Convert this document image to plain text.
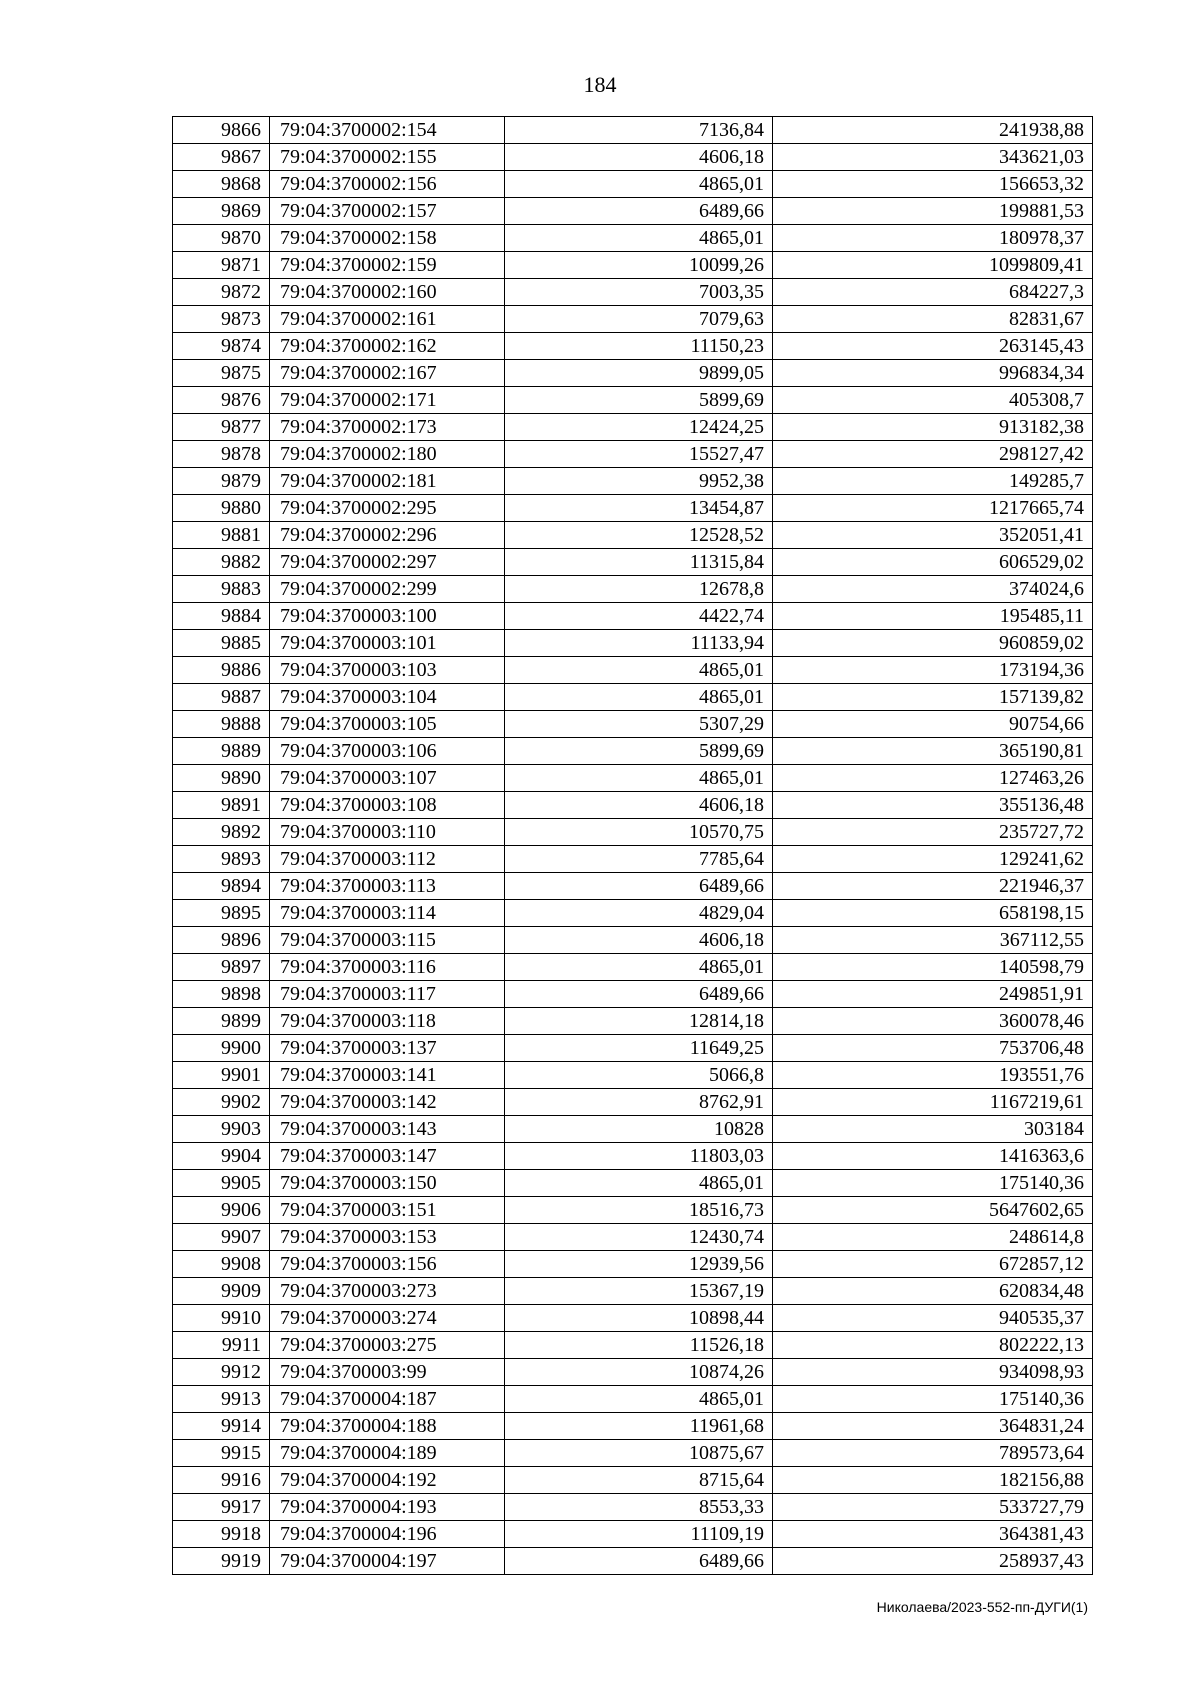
184
9866	79:04:3700002:154	7136,84	241938,88
9867	79:04:3700002:155	4606,18	343621,03
9868	79:04:3700002:156	4865,01	156653,32
9869	79:04:3700002:157	6489,66	199881,53
9870	79:04:3700002:158	4865,01	180978,37
9871	79:04:3700002:159	10099,26	1099809,41
9872	79:04:3700002:160	7003,35	684227,3
9873	79:04:3700002:161	7079,63	82831,67
9874	79:04:3700002:162	11150,23	263145,43
9875	79:04:3700002:167	9899,05	996834,34
9876	79:04:3700002:171	5899,69	405308,7
9877	79:04:3700002:173	12424,25	913182,38
9878	79:04:3700002:180	15527,47	298127,42
9879	79:04:3700002:181	9952,38	149285,7
9880	79:04:3700002:295	13454,87	1217665,74
9881	79:04:3700002:296	12528,52	352051,41
9882	79:04:3700002:297	11315,84	606529,02
9883	79:04:3700002:299	12678,8	374024,6
9884	79:04:3700003:100	4422,74	195485,11
9885	79:04:3700003:101	11133,94	960859,02
9886	79:04:3700003:103	4865,01	173194,36
9887	79:04:3700003:104	4865,01	157139,82
9888	79:04:3700003:105	5307,29	90754,66
9889	79:04:3700003:106	5899,69	365190,81
9890	79:04:3700003:107	4865,01	127463,26
9891	79:04:3700003:108	4606,18	355136,48
9892	79:04:3700003:110	10570,75	235727,72
9893	79:04:3700003:112	7785,64	129241,62
9894	79:04:3700003:113	6489,66	221946,37
9895	79:04:3700003:114	4829,04	658198,15
9896	79:04:3700003:115	4606,18	367112,55
9897	79:04:3700003:116	4865,01	140598,79
9898	79:04:3700003:117	6489,66	249851,91
9899	79:04:3700003:118	12814,18	360078,46
9900	79:04:3700003:137	11649,25	753706,48
9901	79:04:3700003:141	5066,8	193551,76
9902	79:04:3700003:142	8762,91	1167219,61
9903	79:04:3700003:143	10828	303184
9904	79:04:3700003:147	11803,03	1416363,6
9905	79:04:3700003:150	4865,01	175140,36
9906	79:04:3700003:151	18516,73	5647602,65
9907	79:04:3700003:153	12430,74	248614,8
9908	79:04:3700003:156	12939,56	672857,12
9909	79:04:3700003:273	15367,19	620834,48
9910	79:04:3700003:274	10898,44	940535,37
9911	79:04:3700003:275	11526,18	802222,13
9912	79:04:3700003:99	10874,26	934098,93
9913	79:04:3700004:187	4865,01	175140,36
9914	79:04:3700004:188	11961,68	364831,24
9915	79:04:3700004:189	10875,67	789573,64
9916	79:04:3700004:192	8715,64	182156,88
9917	79:04:3700004:193	8553,33	533727,79
9918	79:04:3700004:196	11109,19	364381,43
9919	79:04:3700004:197	6489,66	258937,43
Николаева/2023-552-пп-ДУГИ(1)
